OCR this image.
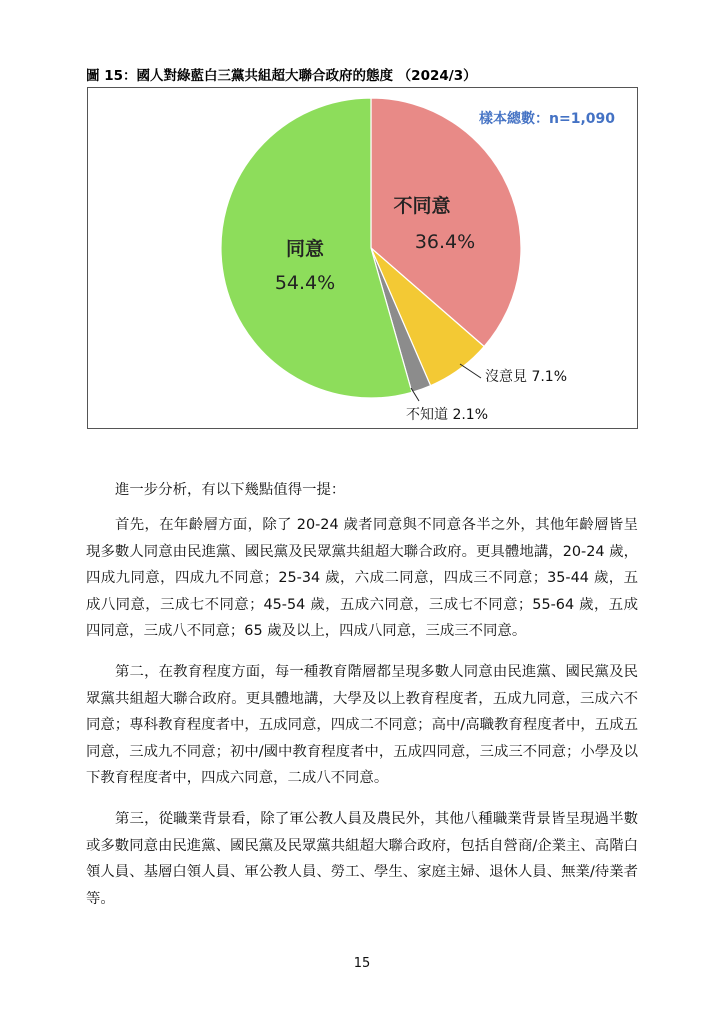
圖 15：國人對綠藍白三黨共組超大聯合政府的態度 （2024/3）
不同意
36.4%
同意
54.4%
沒意見 7.1%
不知道 2.1%
樣本總數：n=1,090
進一步分析，有以下幾點值得一提：
首先，在年齡層方面，除了 20-24 歲者同意與不同意各半之外，其他年齡層皆呈現多數人同意由民進黨、國民黨及民眾黨共組超大聯合政府。更具體地講，20-24 歲，四成九同意，四成九不同意；25-34 歲，六成二同意，四成三不同意；35-44 歲，五成八同意，三成七不同意；45-54 歲，五成六同意，三成七不同意；55-64 歲，五成四同意，三成八不同意；65 歲及以上，四成八同意，三成三不同意。
第二，在教育程度方面，每一種教育階層都呈現多數人同意由民進黨、國民黨及民眾黨共組超大聯合政府。更具體地講，大學及以上教育程度者，五成九同意，三成六不同意；專科教育程度者中，五成同意，四成二不同意；高中/高職教育程度者中，五成五同意，三成九不同意；初中/國中教育程度者中，五成四同意，三成三不同意；小學及以下教育程度者中，四成六同意，二成八不同意。
第三，從職業背景看，除了軍公教人員及農民外，其他八種職業背景皆呈現過半數或多數同意由民進黨、國民黨及民眾黨共組超大聯合政府，包括自營商/企業主、高階白領人員、基層白領人員、軍公教人員、勞工、學生、家庭主婦、退休人員、無業/待業者等。
15
